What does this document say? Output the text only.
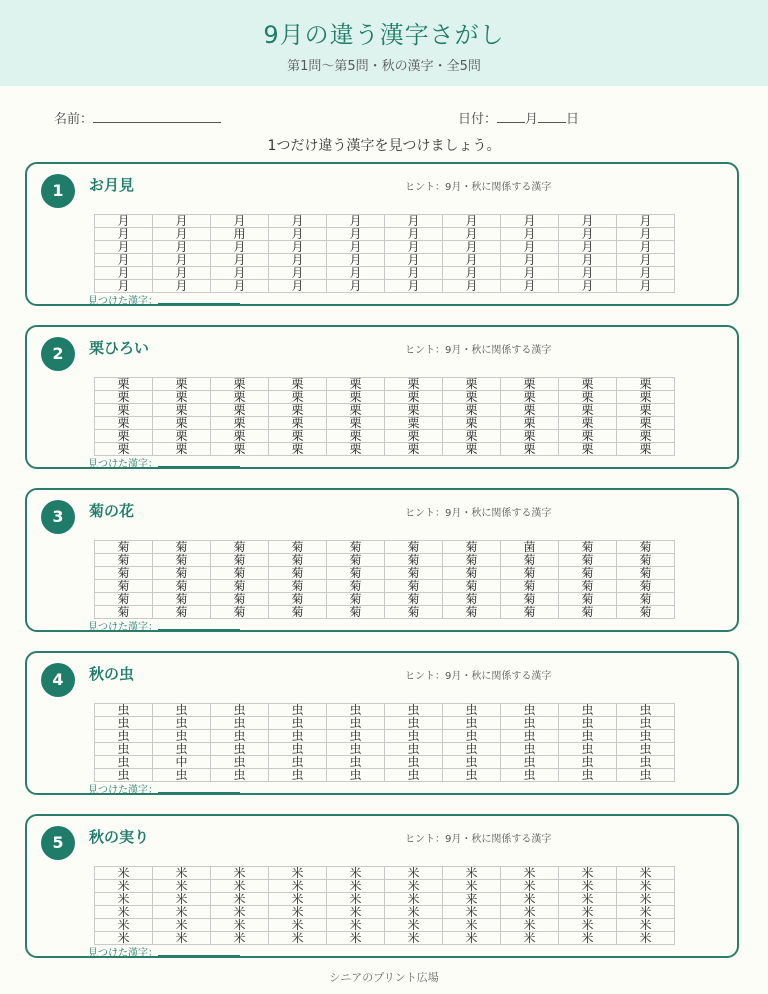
9月の違う漢字さがし
第1問〜第5問・秋の漢字・全5問
名前：	日付： 月 日
1つだけ違う漢字を見つけましょう。
1	お月見	ヒント：9月・秋に関係する漢字
月	月	月	月	月	月	月	月	月	月
月	月	用	月	月	月	月	月	月	月
月	月	月	月	月	月	月	月	月	月
月	月	月	月	月	月	月	月	月	月
月	月	月	月	月	月	月	月	月	月
月	月	月	月	月	月	月	月	月	月
見つけた漢字：
2	栗ひろい	ヒント：9月・秋に関係する漢字
栗	栗	栗	栗	栗	栗	栗	栗	栗	栗
栗	栗	栗	栗	栗	栗	栗	栗	栗	栗
栗	栗	栗	栗	栗	栗	栗	栗	栗	栗
栗	栗	栗	栗	栗	粟	栗	栗	栗	栗
栗	栗	栗	栗	栗	栗	栗	栗	栗	栗
栗	栗	栗	栗	栗	栗	栗	栗	栗	栗
見つけた漢字：
3	菊の花	ヒント：9月・秋に関係する漢字
菊	菊	菊	菊	菊	菊	菊	菌	菊	菊
菊	菊	菊	菊	菊	菊	菊	菊	菊	菊
菊	菊	菊	菊	菊	菊	菊	菊	菊	菊
菊	菊	菊	菊	菊	菊	菊	菊	菊	菊
菊	菊	菊	菊	菊	菊	菊	菊	菊	菊
菊	菊	菊	菊	菊	菊	菊	菊	菊	菊
見つけた漢字：
4	秋の虫	ヒント：9月・秋に関係する漢字
虫	虫	虫	虫	虫	虫	虫	虫	虫	虫
虫	虫	虫	虫	虫	虫	虫	虫	虫	虫
虫	虫	虫	虫	虫	虫	虫	虫	虫	虫
虫	虫	虫	虫	虫	虫	虫	虫	虫	虫
虫	中	虫	虫	虫	虫	虫	虫	虫	虫
虫	虫	虫	虫	虫	虫	虫	虫	虫	虫
見つけた漢字：
5	秋の実り	ヒント：9月・秋に関係する漢字
米	米	米	米	米	米	米	米	米	米
米	米	米	米	米	米	米	米	米	米
米	米	米	米	米	米	来	米	米	米
米	米	米	米	米	米	米	米	米	米
米	米	米	米	米	米	米	米	米	米
米	米	米	米	米	米	米	米	米	米
見つけた漢字：
シニアのプリント広場
